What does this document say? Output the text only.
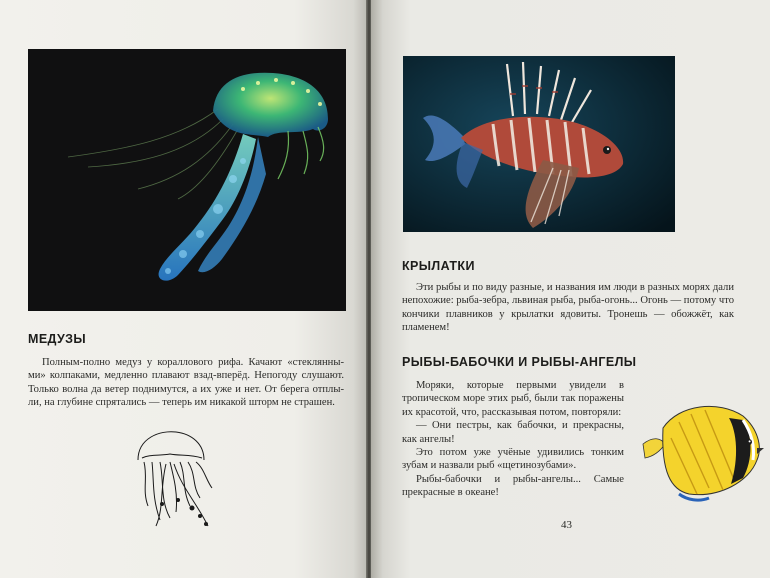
МЕДУЗЫ

Полным-полно медуз у кораллового рифа. Качают «стеклянны-ми» колпаками, медленно плавают взад-вперёд. Непогоду слушают. Только волна да ветер поднимутся, а их уже и нет. От берега отплы-ли, на глубине спрятались — теперь им никакой шторм не страшен.

КРЫЛАТКИ

Эти рыбы и по виду разные, и названия им люди в разных морях дали непохожие: рыба-зебра, львиная рыба, рыба-огонь... Огонь — потому что кончики плавников у крылатки ядовиты. Тронешь — обожжёт, как пламенем!

РЫБЫ-БАБОЧКИ И РЫБЫ-АНГЕЛЫ

Моряки, которые первыми увидели в тропическом море этих рыб, были так поражены их красотой, что, рассказывая потом, повторяли:

— Они пестры, как бабочки, и прекрасны, как ангелы!

Это потом уже учёные удивились тонким зубам и назвали рыб «щетинозубами».

Рыбы-бабочки и рыбы-ангелы... Самые прекрасные в океане!

43
